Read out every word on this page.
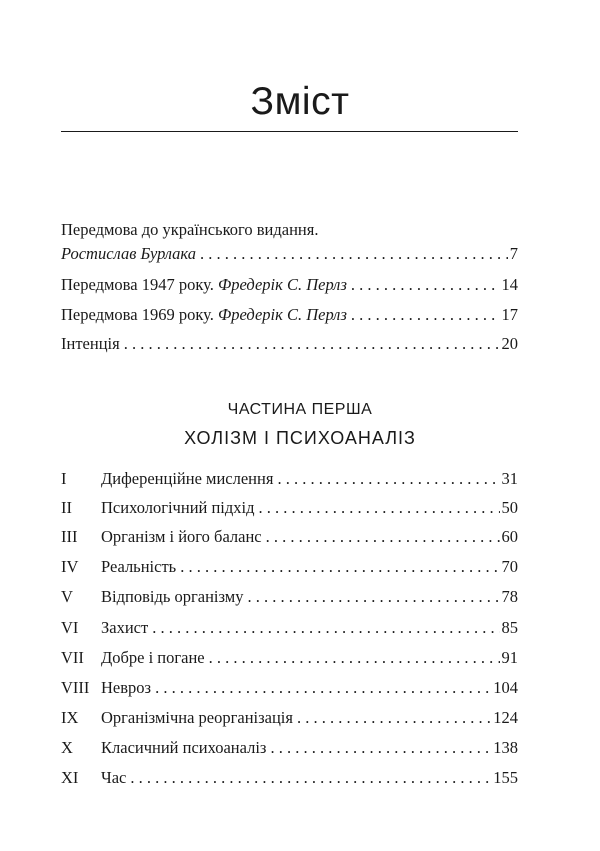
Зміст
Передмова до українського видання.
Ростислав Бурлака . . .	7
Передмова 1947 року. Фредерік С. Перлз . . .	14
Передмова 1969 року. Фредерік С. Перлз . . .	17
Інтенція . . .	20
ЧАСТИНА ПЕРША
ХОЛІЗМ І ПСИХОАНАЛІЗ
I	Диференційне мислення . . .	31
II	Психологічний підхід . . .	50
III	Організм і його баланс . . .	60
IV	Реальність . . .	70
V	Відповідь організму . . .	78
VI	Захист . . .	85
VII	Добре і погане . . .	91
VIII Невроз . . .	104
IX	Організмічна реорганізація . . .	124
X	Класичний психоаналіз . . .	138
XI	Час . . .	155
